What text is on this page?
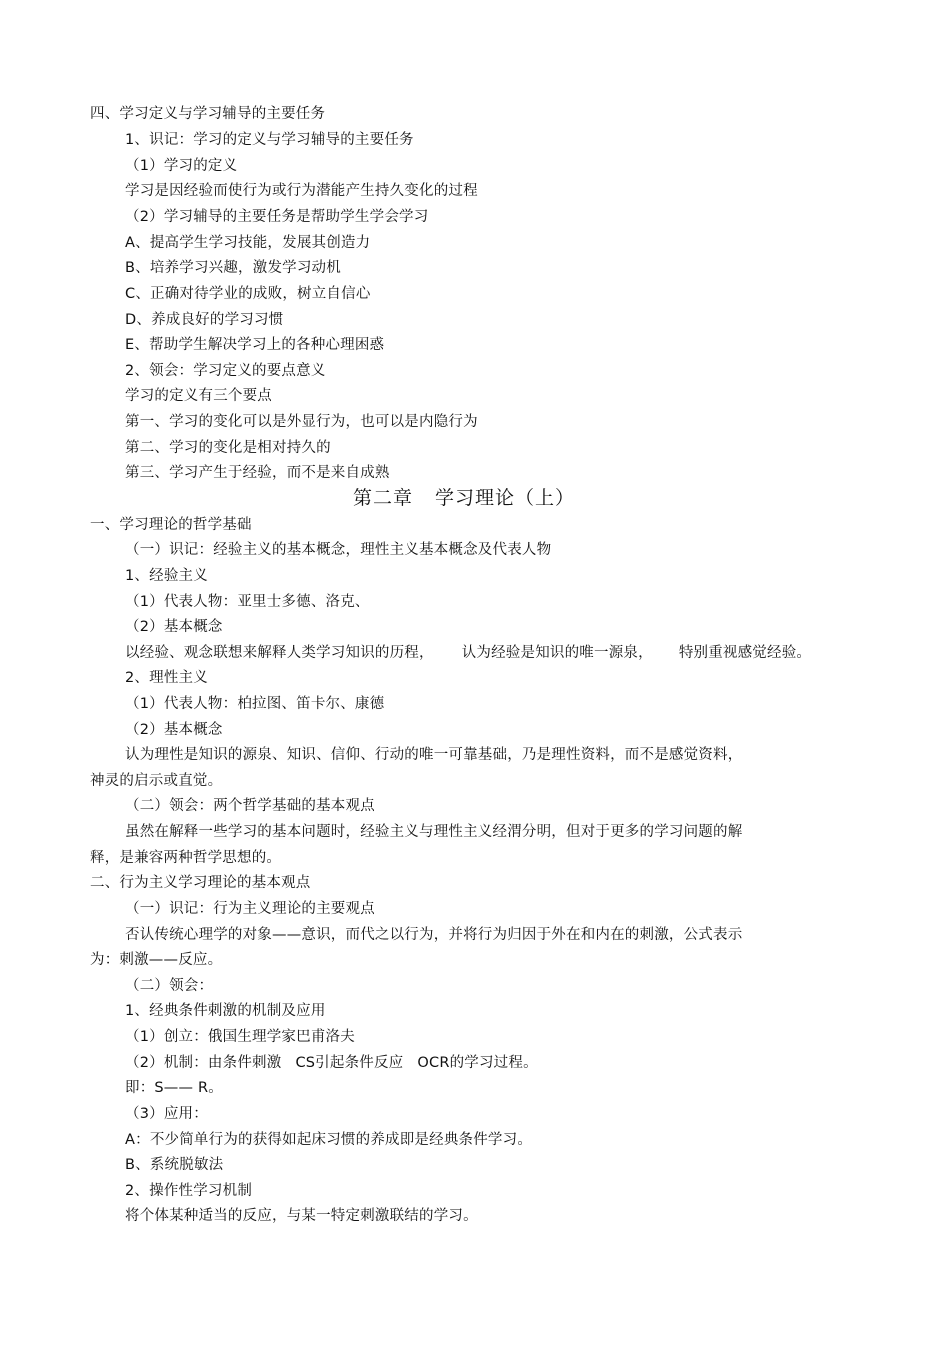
四、学习定义与学习辅导的主要任务
1、识记：学习的定义与学习辅导的主要任务
（1）学习的定义
学习是因经验而使行为或行为潜能产生持久变化的过程
（2）学习辅导的主要任务是帮助学生学会学习
A、提高学生学习技能，发展其创造力
B、培养学习兴趣，激发学习动机
C、正确对待学业的成败，树立自信心
D、养成良好的学习习惯
E、帮助学生解决学习上的各种心理困惑
2、领会：学习定义的要点意义
学习的定义有三个要点
第一、学习的变化可以是外显行为，也可以是内隐行为
第二、学习的变化是相对持久的
第三、学习产生于经验，而不是来自成熟
第二章 学习理论（上）
一、学习理论的哲学基础
（一）识记：经验主义的基本概念，理性主义基本概念及代表人物
1、经验主义
（1）代表人物：亚里士多德、洛克、
（2）基本概念
以经验、观念联想来解释人类学习知识的历程， 认为经验是知识的唯一源泉， 特别重视感觉经验。
2、理性主义
（1）代表人物：柏拉图、笛卡尔、康德
（2）基本概念
认为理性是知识的源泉、知识、信仰、行动的唯一可靠基础，乃是理性资料，而不是感觉资料，
神灵的启示或直觉。
（二）领会：两个哲学基础的基本观点
虽然在解释一些学习的基本问题时，经验主义与理性主义经渭分明，但对于更多的学习问题的解
释，是兼容两种哲学思想的。
二、行为主义学习理论的基本观点
（一）识记：行为主义理论的主要观点
否认传统心理学的对象——意识，而代之以行为，并将行为归因于外在和内在的刺激，公式表示
为：刺激——反应。
（二）领会：
1、经典条件刺激的机制及应用
（1）创立：俄国生理学家巴甫洛夫
（2）机制：由条件刺激 CS引起条件反应 OCR的学习过程。
即：S—— R。
（3）应用：
A：不少简单行为的获得如起床习惯的养成即是经典条件学习。
B、系统脱敏法
2、操作性学习机制
将个体某种适当的反应，与某一特定刺激联结的学习。
